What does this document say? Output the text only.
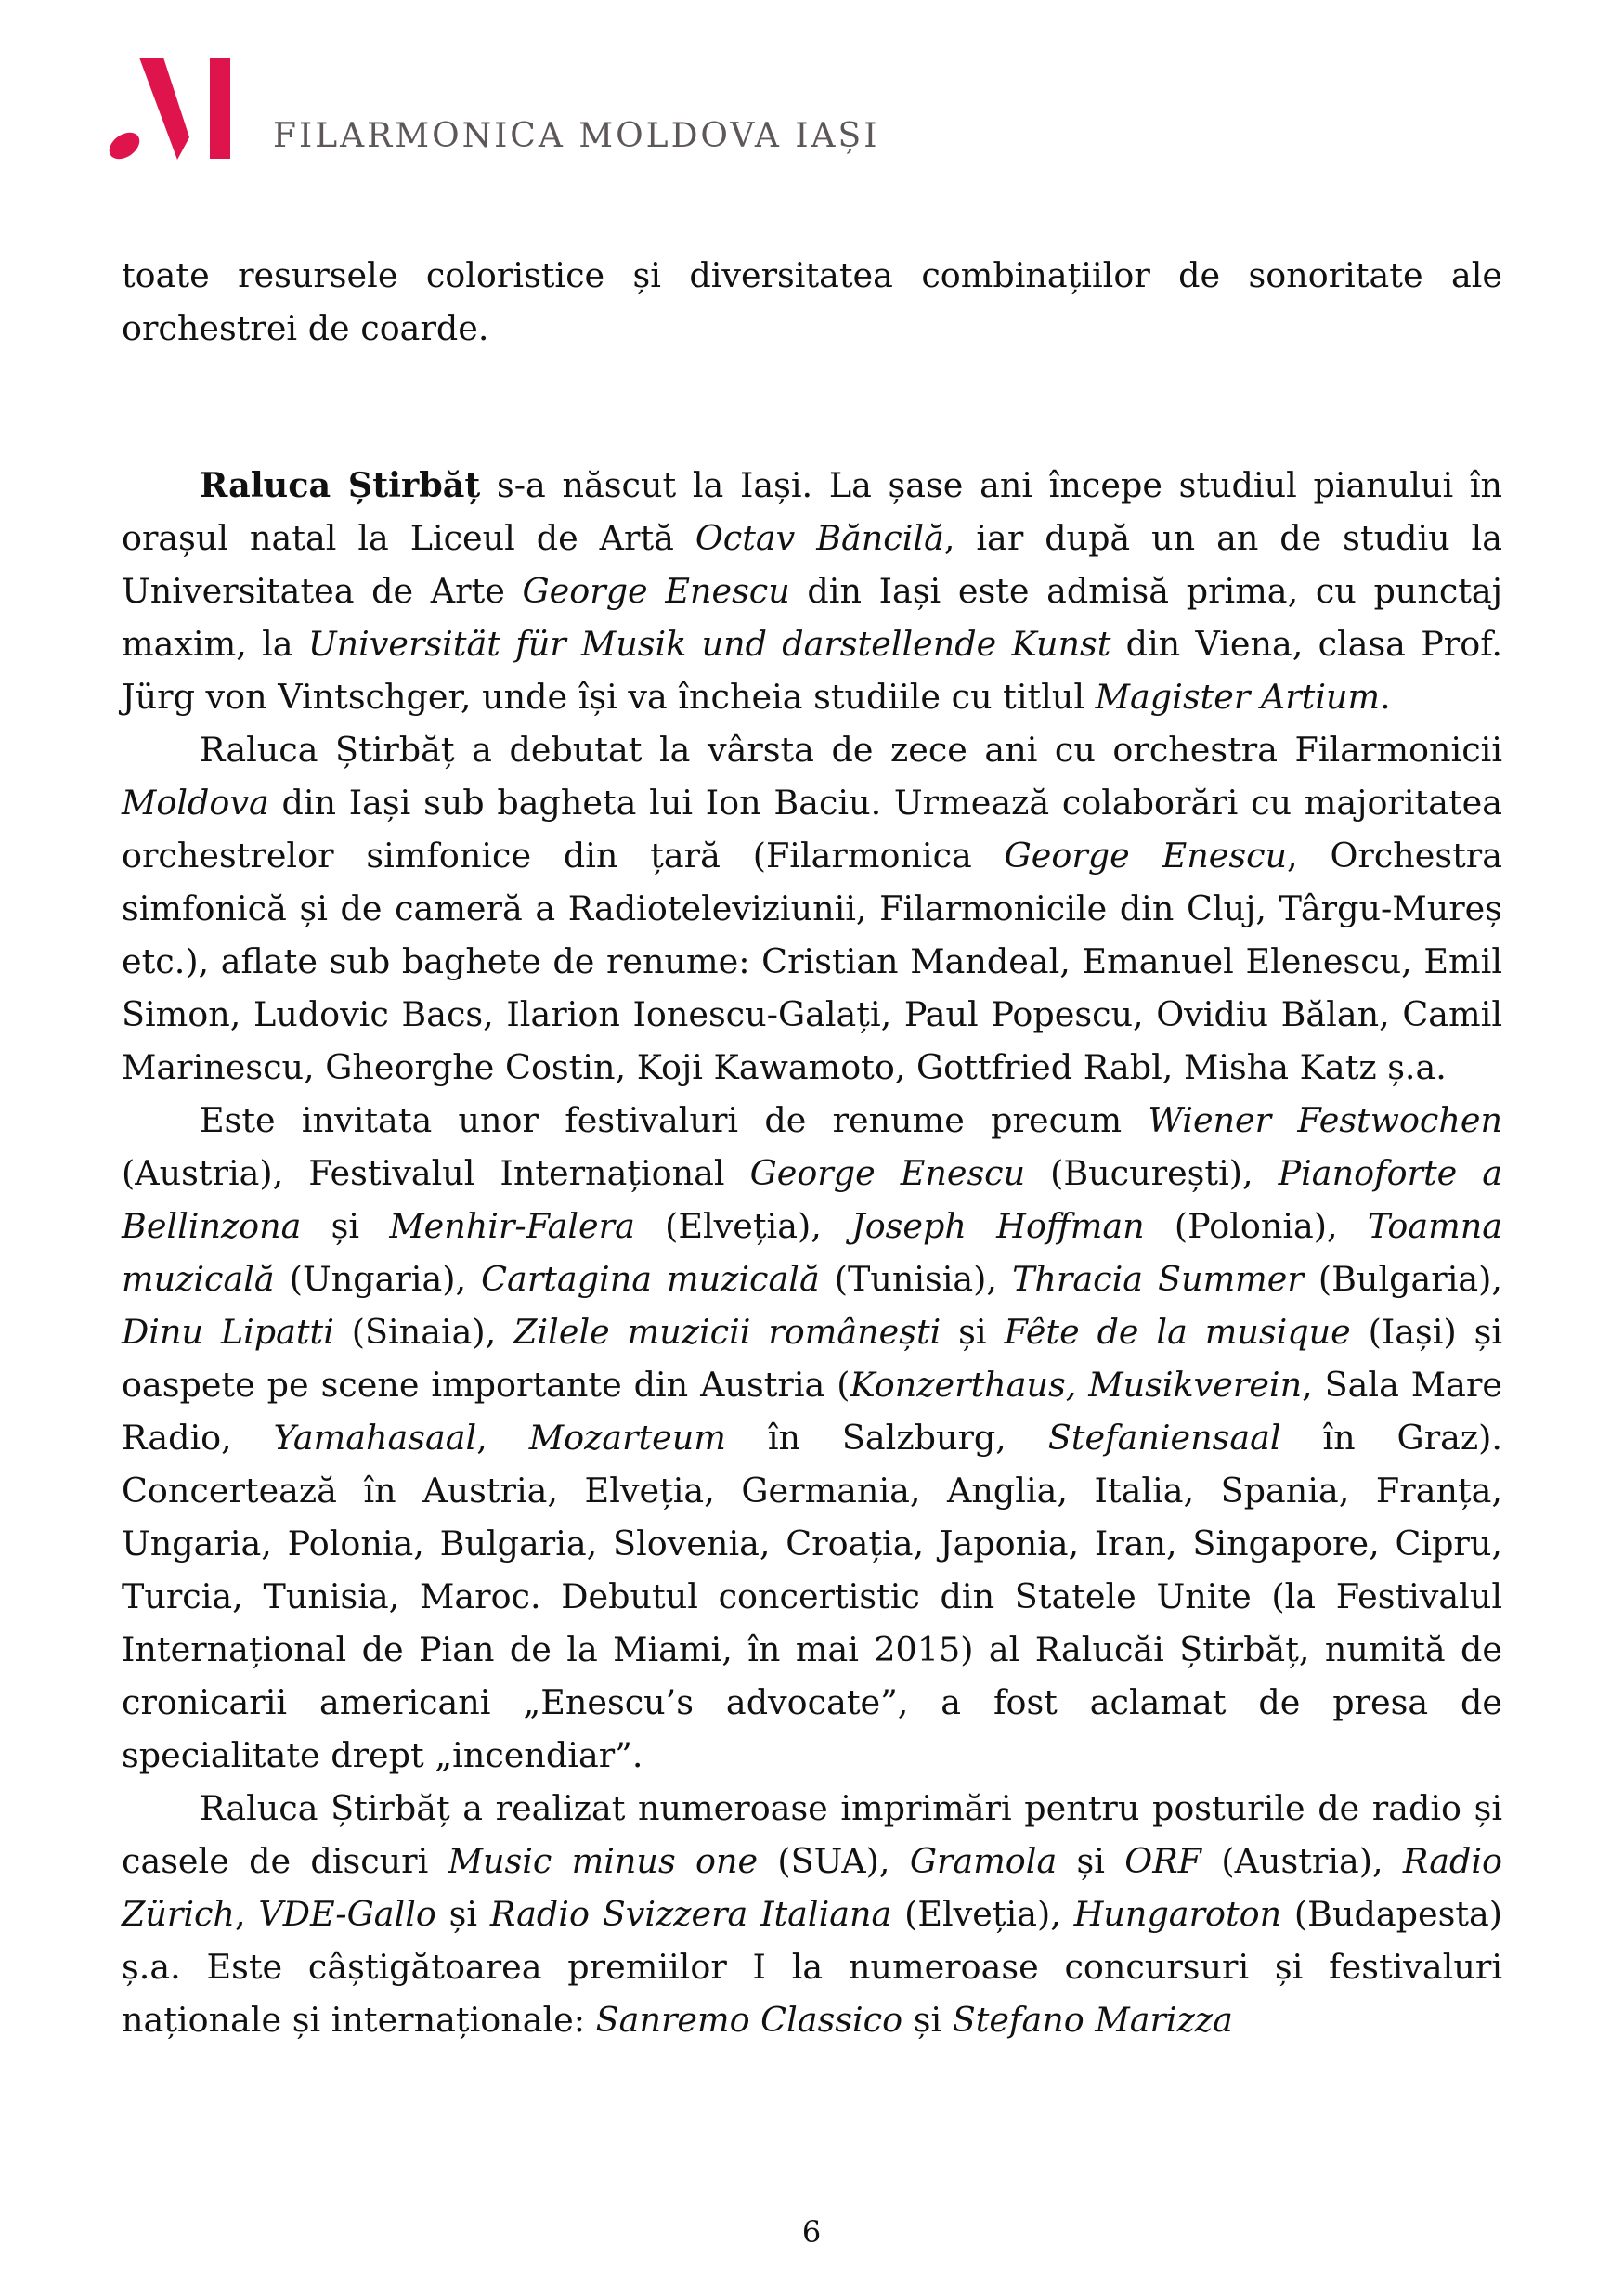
FILARMONICA MOLDOVA IAȘI

toate resursele coloristice și diversitatea combinațiilor de sonoritate ale orchestrei de coarde.

Raluca Știrbăț s-a născut la Iași. La șase ani începe studiul pianului în orașul natal la Liceul de Artă Octav Băncilă, iar după un an de studiu la Universitatea de Arte George Enescu din Iași este admisă prima, cu punctaj maxim, la Universität für Musik und darstellende Kunst din Viena, clasa Prof. Jürg von Vintschger, unde își va încheia studiile cu titlul Magister Artium.

Raluca Știrbăț a debutat la vârsta de zece ani cu orchestra Filarmonicii Moldova din Iași sub bagheta lui Ion Baciu. Urmează colaborări cu majoritatea orchestrelor simfonice din țară (Filarmonica George Enescu, Orchestra simfonică și de cameră a Radioteleviziunii, Filarmonicile din Cluj, Târgu-Mureș etc.), aflate sub baghete de renume: Cristian Mandeal, Emanuel Elenescu, Emil Simon, Ludovic Bacs, Ilarion Ionescu-Galați, Paul Popescu, Ovidiu Bălan, Camil Marinescu, Gheorghe Costin, Koji Kawamoto, Gottfried Rabl, Misha Katz ș.a.

Este invitata unor festivaluri de renume precum Wiener Festwochen (Austria), Festivalul Internațional George Enescu (București), Pianoforte a Bellinzona și Menhir-Falera (Elveția), Joseph Hoffman (Polonia), Toamna muzicală (Ungaria), Cartagina muzicală (Tunisia), Thracia Summer (Bulgaria), Dinu Lipatti (Sinaia), Zilele muzicii românești și Fête de la musique (Iași) și oaspete pe scene importante din Austria (Konzerthaus, Musikverein, Sala Mare Radio, Yamahasaal, Mozarteum în Salzburg, Stefaniensaal în Graz). Concertează în Austria, Elveția, Germania, Anglia, Italia, Spania, Franța, Ungaria, Polonia, Bulgaria, Slovenia, Croația, Japonia, Iran, Singapore, Cipru, Turcia, Tunisia, Maroc. Debutul concertistic din Statele Unite (la Festivalul Internațional de Pian de la Miami, în mai 2015) al Ralucăi Știrbăț, numită de cronicarii americani „Enescu’s advocate”, a fost aclamat de presa de specialitate drept „incendiar”.

Raluca Știrbăț a realizat numeroase imprimări pentru posturile de radio și casele de discuri Music minus one (SUA), Gramola și ORF (Austria), Radio Zürich, VDE-Gallo și Radio Svizzera Italiana (Elveția), Hungaroton (Budapesta) ș.a. Este câștigătoarea premiilor I la numeroase concursuri și festivaluri naționale și internaționale: Sanremo Classico și Stefano Marizza

6
